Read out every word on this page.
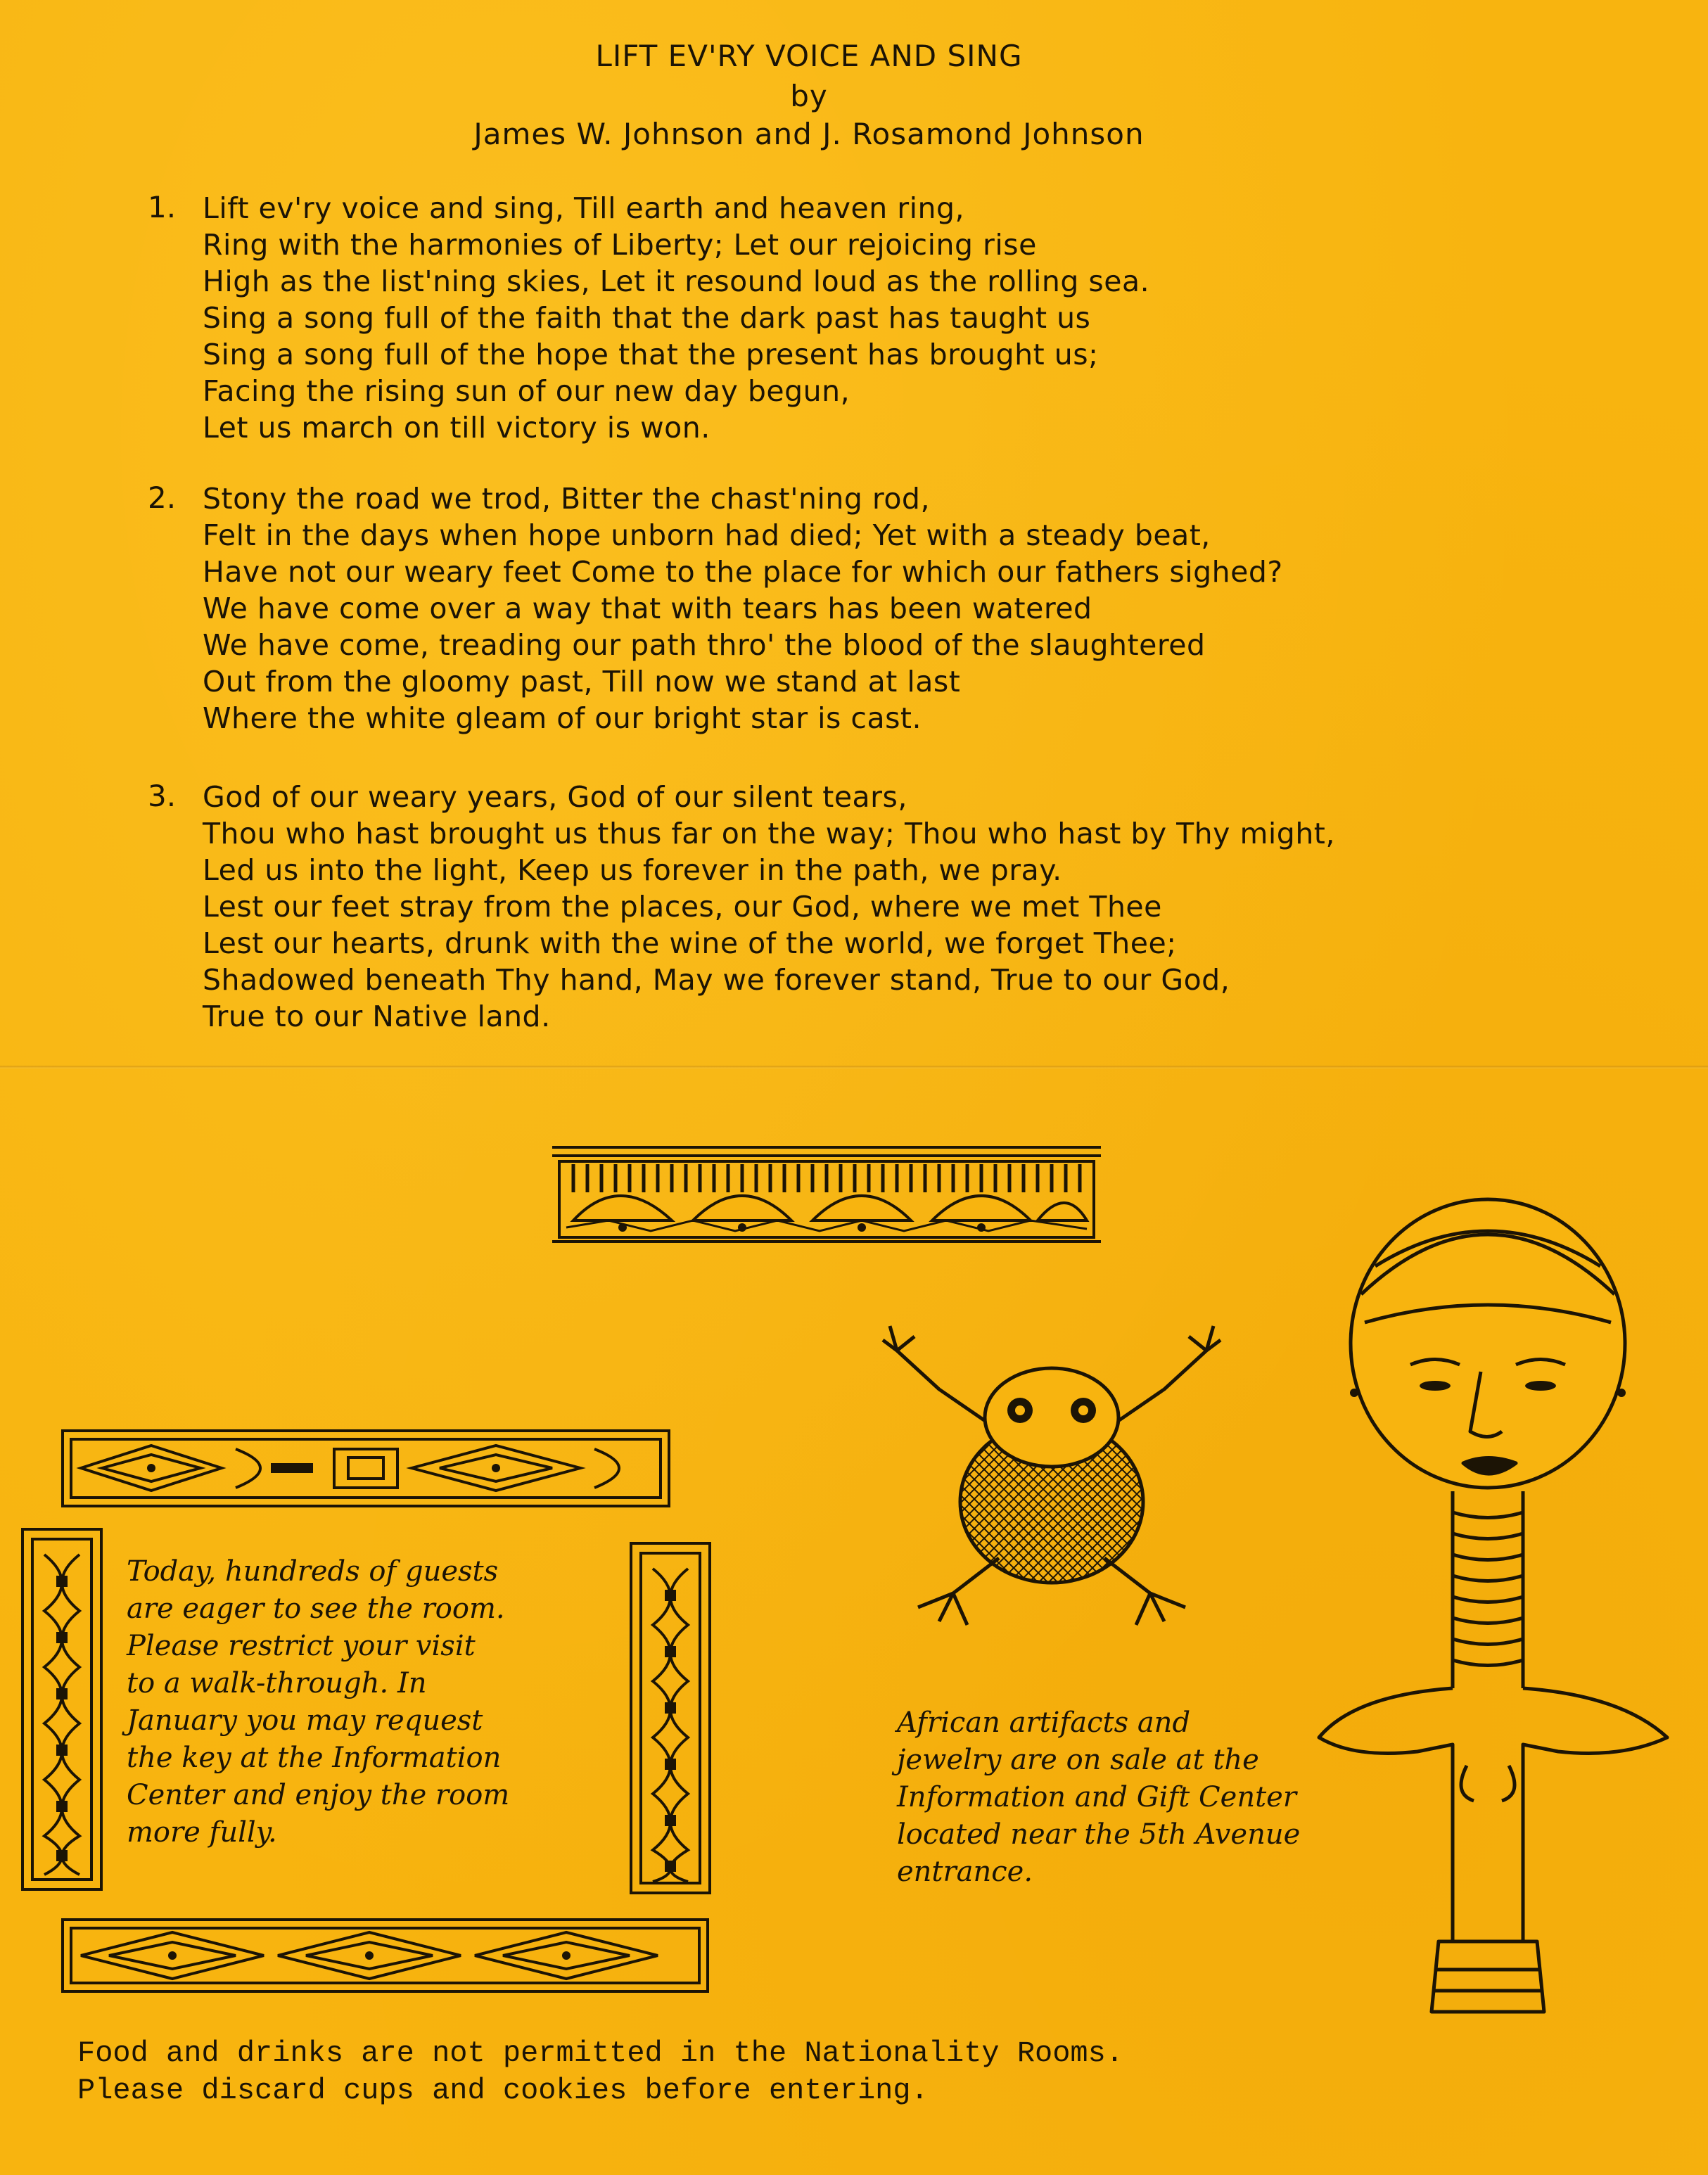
LIFT EV'RY VOICE AND SING
by
James W. Johnson and J. Rosamond Johnson
1. Lift ev'ry voice and sing, Till earth and heaven ring,
Ring with the harmonies of Liberty; Let our rejoicing rise
High as the list'ning skies, Let it resound loud as the rolling sea.
Sing a song full of the faith that the dark past has taught us
Sing a song full of the hope that the present has brought us;
Facing the rising sun of our new day begun,
Let us march on till victory is won.
2. Stony the road we trod, Bitter the chast'ning rod,
Felt in the days when hope unborn had died; Yet with a steady beat,
Have not our weary feet Come to the place for which our fathers sighed?
We have come over a way that with tears has been watered
We have come, treading our path thro' the blood of the slaughtered
Out from the gloomy past, Till now we stand at last
Where the white gleam of our bright star is cast.
3. God of our weary years, God of our silent tears,
Thou who hast brought us thus far on the way; Thou who hast by Thy might,
Led us into the light, Keep us forever in the path, we pray.
Lest our feet stray from the places, our God, where we met Thee
Lest our hearts, drunk with the wine of the world, we forget Thee;
Shadowed beneath Thy hand, May we forever stand, True to our God,
True to our Native land.
Today, hundreds of guests
are eager to see the room.
Please restrict your visit
to a walk-through. In
January you may request
the key at the Information
Center and enjoy the room
more fully.
African artifacts and
jewelry are on sale at the
Information and Gift Center
located near the 5th Avenue
entrance.
Food and drinks are not permitted in the Nationality Rooms.
Please discard cups and cookies before entering.
